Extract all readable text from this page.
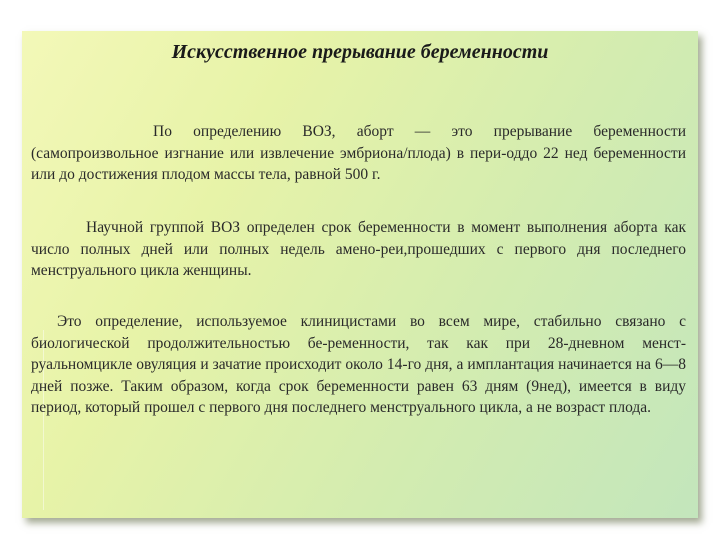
Искусственное прерывание беременности

По определению ВОЗ, аборт — это прерывание беременности (самопроизвольное изгнание или извлечение эмбриона/плода) в пери-оддо 22 нед беременности или до достижения плодом массы тела, равной 500 г.

Научной группой ВОЗ определен срок беременности в момент выполнения аборта как число полных дней или полных недель амено-реи,прошедших с первого дня последнего менструального цикла женщины.

Это определение, используемое клиницистами во всем мире, стабильно связано с биологической продолжительностью бе-ременности, так как при 28-дневном менст-руальномцикле овуляция и зачатие происходит около 14-го дня, а имплантация начинается на 6—8 дней позже. Таким образом, когда срок беременности равен 63 дням (9нед), имеется в виду период, который прошел с первого дня последнего менструального цикла, а не возраст плода.
